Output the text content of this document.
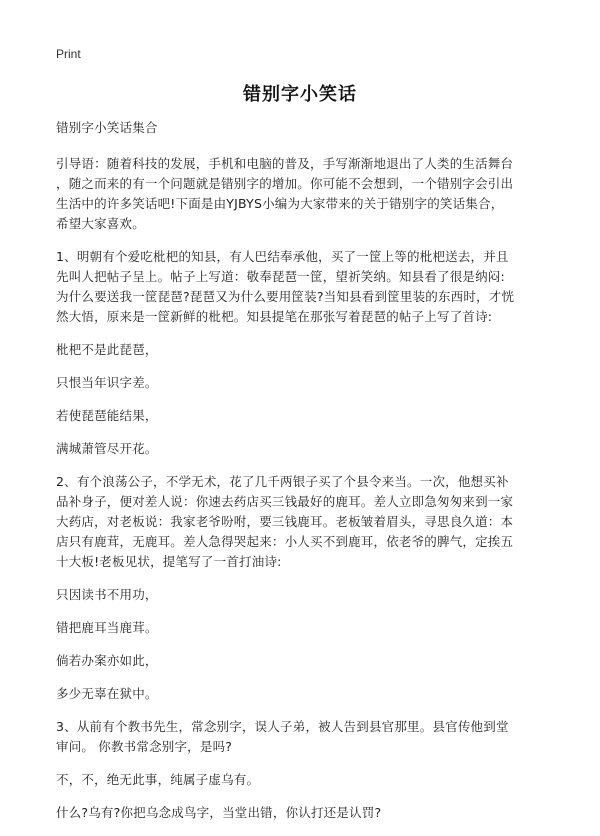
Print
错别字小笑话

错别字小笑话集合

引导语：随着科技的发展，手机和电脑的普及，手写渐渐地退出了人类的生活舞台
，随之而来的有一个问题就是错别字的增加。你可能不会想到，一个错别字会引出
生活中的许多笑话吧!下面是由YJBYS小编为大家带来的关于错别字的笑话集合，
希望大家喜欢。

1、明朝有个爱吃枇杷的知县，有人巴结奉承他，买了一筐上等的枇杷送去，并且
先叫人把帖子呈上。帖子上写道：敬奉琵琶一筐，望祈笑纳。知县看了很是纳闷:
为什么要送我一筐琵琶?琵琶又为什么要用筐装?当知县看到筐里装的东西时，才恍
然大悟，原来是一筐新鲜的枇杷。知县提笔在那张写着琵琶的帖子上写了首诗:

枇杷不是此琵琶，

只恨当年识字差。

若使琵琶能结果，

满城萧管尽开花。

2、有个浪荡公子，不学无术，花了几千两银子买了个县令来当。一次，他想买补
品补身子，便对差人说：你速去药店买三钱最好的鹿耳。差人立即急匆匆来到一家
大药店，对老板说：我家老爷吩咐，要三钱鹿耳。老板皱着眉头，寻思良久道：本
店只有鹿茸，无鹿耳。差人急得哭起来：小人买不到鹿耳，依老爷的脾气，定挨五
十大板!老板见状，提笔写了一首打油诗:

只因读书不用功，

错把鹿耳当鹿茸。

倘若办案亦如此，

多少无辜在狱中。

3、从前有个教书先生，常念别字，误人子弟，被人告到县官那里。县官传他到堂
审问。 你教书常念别字，是吗?

不，不，绝无此事，纯属子虚乌有。

什么?乌有?你把乌念成鸟字，当堂出错，你认打还是认罚?
